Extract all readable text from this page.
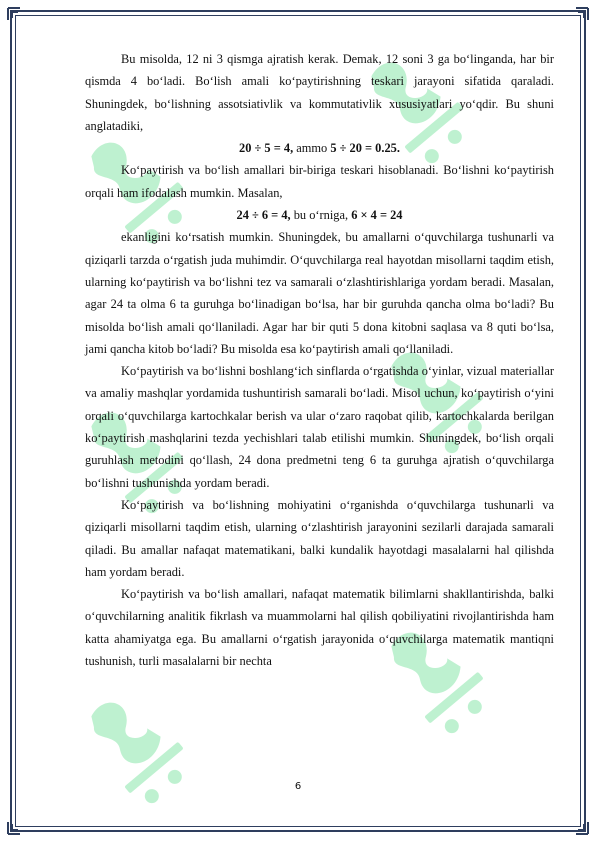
Bu misolda, 12 ni 3 qismga ajratish kerak. Demak, 12 soni 3 ga bo‘linganda, har bir qismda 4 bo‘ladi. Bo‘lish amali ko‘paytirishning teskari jarayoni sifatida qaraladi. Shuningdek, bo‘lishning assotsiativlik va kommutativlik xususiyatlari yo‘qdir. Bu shuni anglatadiki,

20 ÷ 5 = 4, ammo 5 ÷ 20 = 0.25.

Ko‘paytirish va bo‘lish amallari bir-biriga teskari hisoblanadi. Bo‘lishni ko‘paytirish orqali ham ifodalash mumkin. Masalan,

24 ÷ 6 = 4, bu o‘rniga, 6 × 4 = 24

ekanligini ko‘rsatish mumkin. Shuningdek, bu amallarni o‘quvchilarga tushunarli va qiziqarli tarzda o‘rgatish juda muhimdir. O‘quvchilarga real hayotdan misollarni taqdim etish, ularning ko‘paytirish va bo‘lishni tez va samarali o‘zlashtirishlariga yordam beradi. Masalan, agar 24 ta olma 6 ta guruhga bo‘linadigan bo‘lsa, har bir guruhda qancha olma bo‘ladi? Bu misolda bo‘lish amali qo‘llaniladi. Agar har bir quti 5 dona kitobni saqlasa va 8 quti bo‘lsa, jami qancha kitob bo‘ladi? Bu misolda esa ko‘paytirish amali qo‘llaniladi.

Ko‘paytirish va bo‘lishni boshlang‘ich sinflarda o‘rgatishda o‘yinlar, vizual materiallar va amaliy mashqlar yordamida tushuntirish samarali bo‘ladi. Misol uchun, ko‘paytirish o‘yini orqali o‘quvchilarga kartochkalar berish va ular o‘zaro raqobat qilib, kartochkalarda berilgan ko‘paytirish mashqlarini tezda yechishlari talab etilishi mumkin. Shuningdek, bo‘lish orqali guruhlash metodini qo‘llash, 24 dona predmetni teng 6 ta guruhga ajratish o‘quvchilarga bo‘lishni tushunishda yordam beradi.

Ko‘paytirish va bo‘lishning mohiyatini o‘rganishda o‘quvchilarga tushunarli va qiziqarli misollarni taqdim etish, ularning o‘zlashtirish jarayonini sezilarli darajada samarali qiladi. Bu amallar nafaqat matematikani, balki kundalik hayotdagi masalalarni hal qilishda ham yordam beradi.

Ko‘paytirish va bo‘lish amallari, nafaqat matematik bilimlarni shakllantirishda, balki o‘quvchilarning analitik fikrlash va muammolarni hal qilish qobiliyatini rivojlantirishda ham katta ahamiyatga ega. Bu amallarni o‘rgatish jarayonida o‘quvchilarga matematik mantiqni tushunish, turli masalalarni bir nechta

6
